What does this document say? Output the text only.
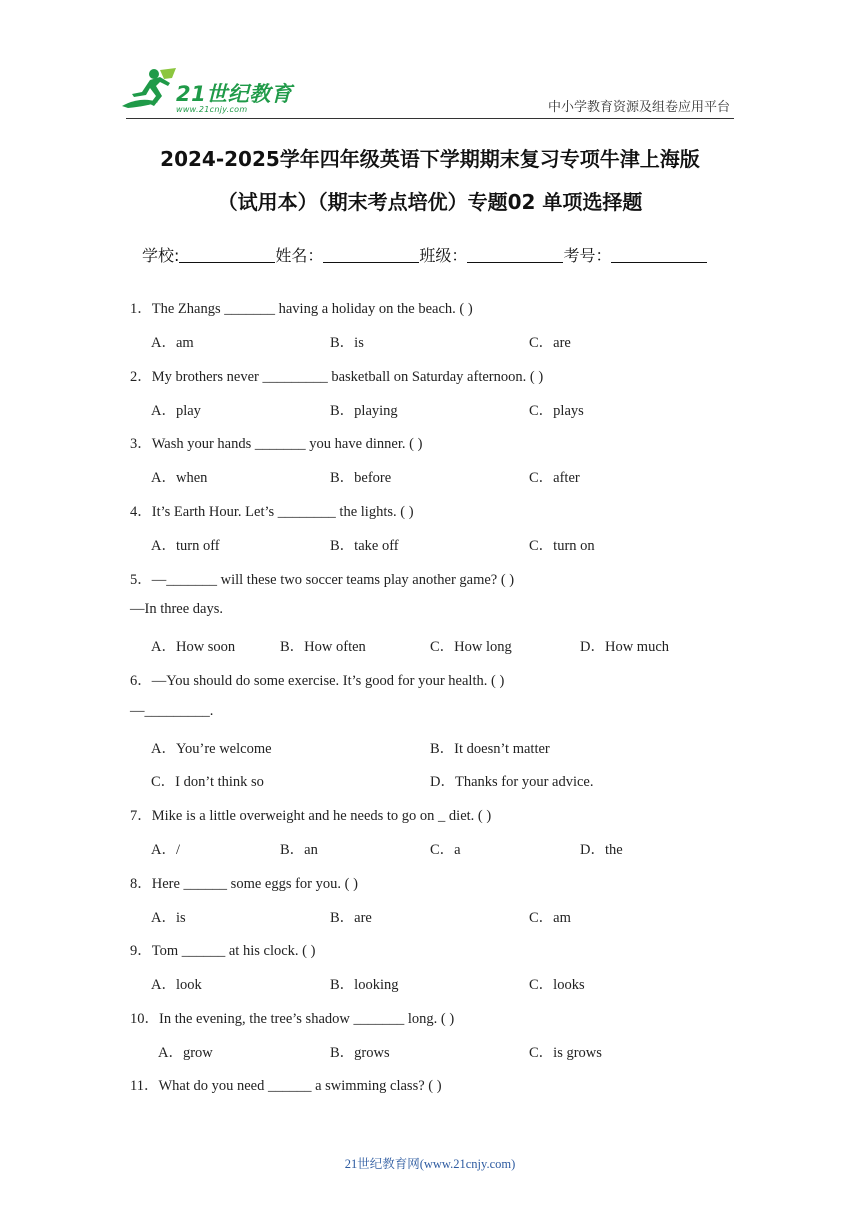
21世纪教育
www.21cnjy.com	中小学教育资源及组卷应用平台
2024-2025学年四年级英语下学期期末复习专项牛津上海版
（试用本）（期末考点培优）专题02 单项选择题
学校:	姓名：	班级：	考号：
1．The Zhangs _______ having a holiday on the beach. ( )
A．am	B．is	C．are
2．My brothers never _________ basketball on Saturday afternoon. ( )
A．play	B．playing	C．plays
3．Wash your hands _______ you have dinner. ( )
A．when	B．before	C．after
4．It’s Earth Hour. Let’s ________ the lights. ( )
A．turn off	B．take off	C．turn on
5．—_______ will these two soccer teams play another game? ( )
—In three days.
A．How soon	B．How often	C．How long	D．How much
6．—You should do some exercise. It’s good for your health. ( )
—_________.
A．You’re welcome	B．It doesn’t matter
C．I don’t think so	D．Thanks for your advice.
7．Mike is a little overweight and he needs to go on _ diet. ( )
A．/	B．an	C．a	D．the
8．Here ______ some eggs for you. ( )
A．is	B．are	C．am
9．Tom ______ at his clock. ( )
A．look	B．looking	C．looks
10．In the evening, the tree’s shadow _______ long. ( )
A．grow	B．grows	C．is grows
11．What do you need ______ a swimming class? ( )
21世纪教育网(www.21cnjy.com)
